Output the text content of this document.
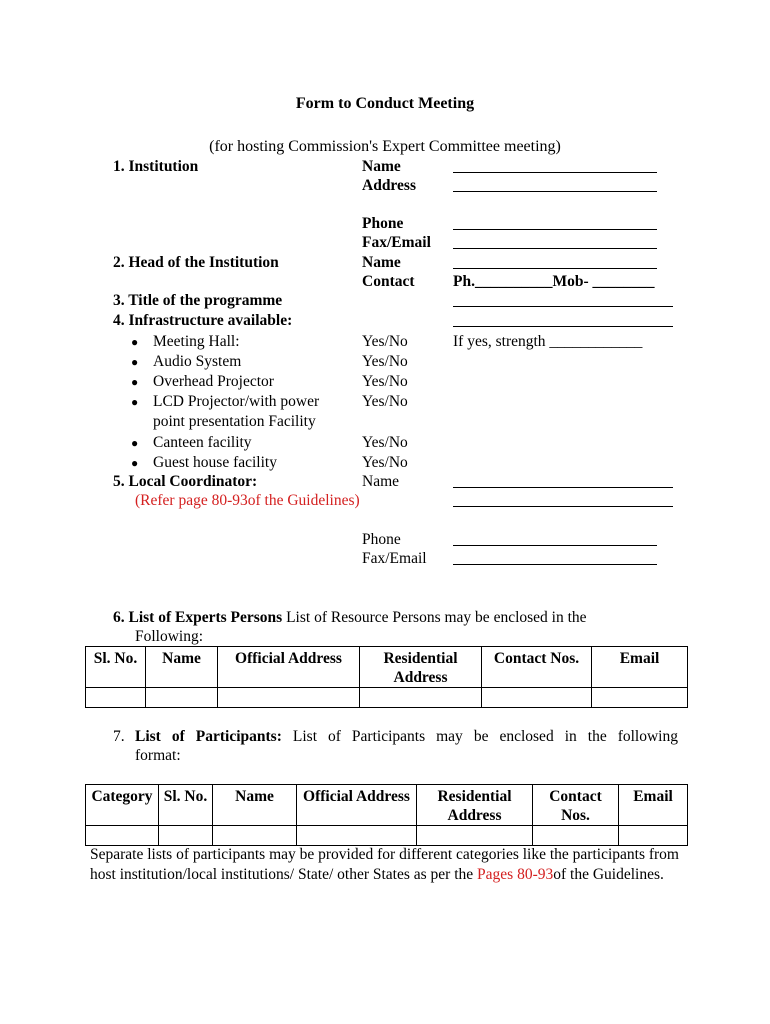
Form to Conduct Meeting
(for hosting Commission's Expert Committee meeting)
1. Institution	Name
Address
Phone
Fax/Email
2. Head of the Institution	Name
Contact Ph.__________Mob- ________
3. Title of the programme
4. Infrastructure available:
● Meeting Hall:	Yes/No	If yes, strength ____________
● Audio System	Yes/No
● Overhead Projector	Yes/No
● LCD Projector/with power
point presentation Facility
Yes/No
● Canteen facility	Yes/No
● Guest house facility	Yes/No
5. Local Coordinator:	Name
(Refer page 80-93of the Guidelines)
Phone
Fax/Email
6. List of Experts Persons List of Resource Persons may be enclosed in the
Following:
Sl. No.	Name	Official Address	Residential Address	Contact Nos.	Email

7. List of Participants: List of Participants may be enclosed in the following
format:
Category	Sl. No.	Name	Official Address	Residential Address	Contact Nos.	Email

Separate lists of participants may be provided for different categories like the participants from host institution/local institutions/ State/ other States as per the Pages 80-93of the Guidelines.
